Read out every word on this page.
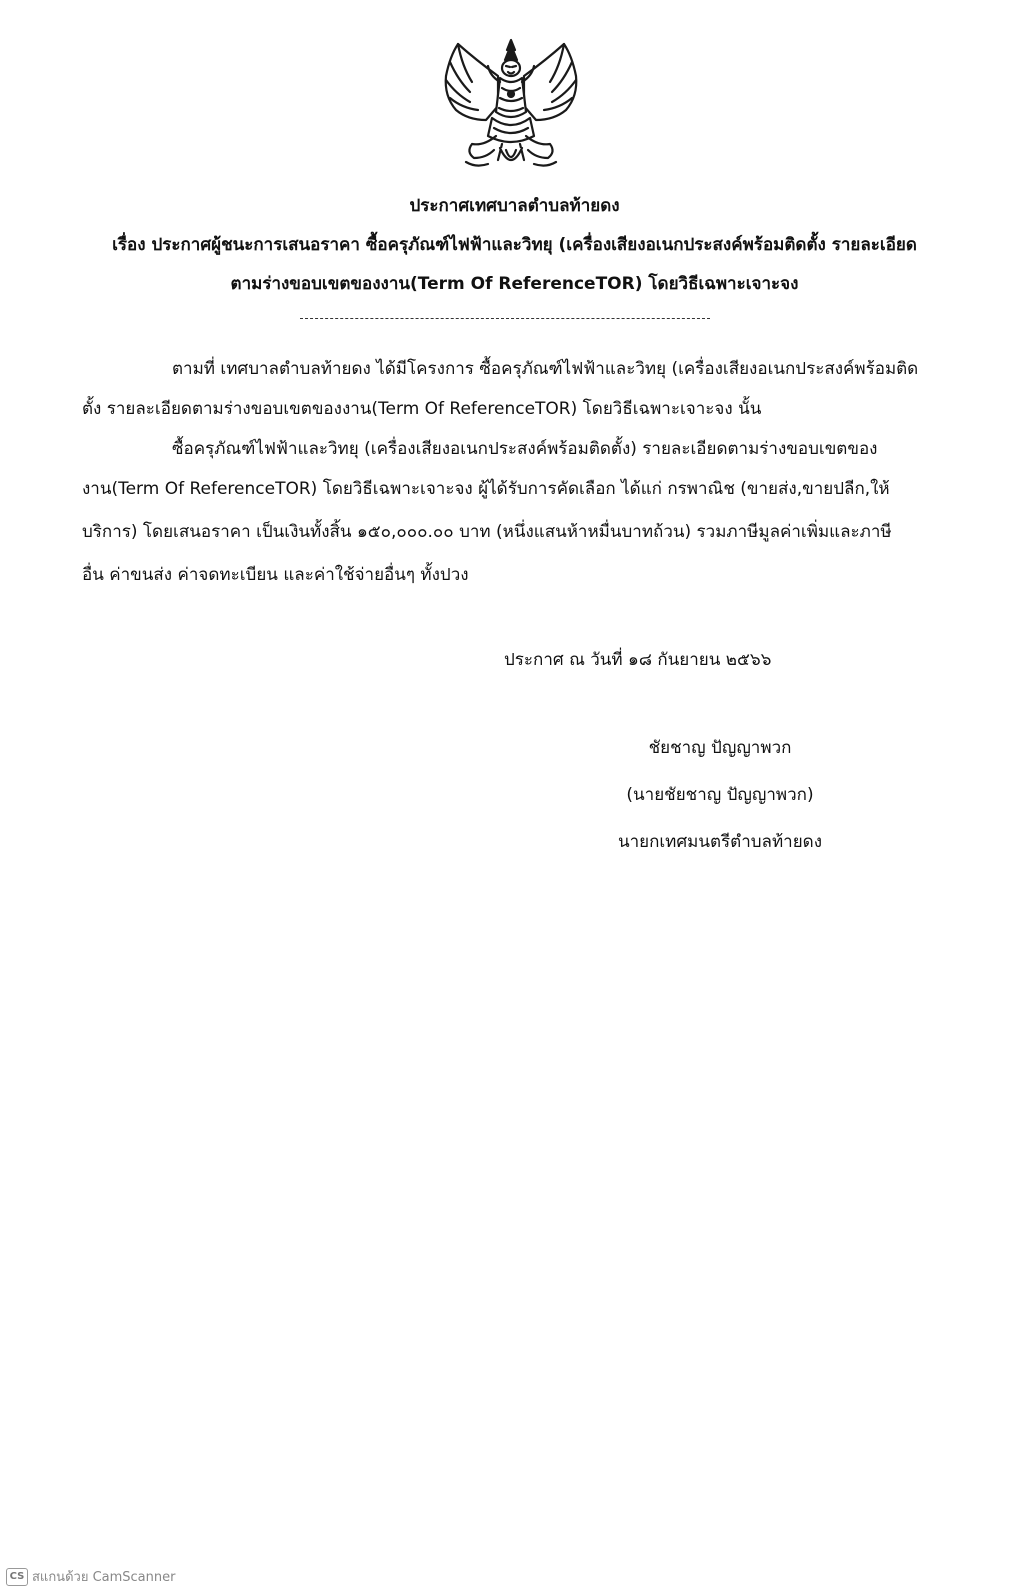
ประกาศเทศบาลตำบลท้ายดง
เรื่อง ประกาศผู้ชนะการเสนอราคา ซื้อครุภัณฑ์ไฟฟ้าและวิทยุ (เครื่องเสียงอเนกประสงค์พร้อมติดตั้ง รายละเอียด
ตามร่างขอบเขตของงาน(Term Of ReferenceTOR) โดยวิธีเฉพาะเจาะจง
ตามที่ เทศบาลตำบลท้ายดง ได้มีโครงการ ซื้อครุภัณฑ์ไฟฟ้าและวิทยุ (เครื่องเสียงอเนกประสงค์พร้อมติด
ตั้ง รายละเอียดตามร่างขอบเขตของงาน(Term Of ReferenceTOR) โดยวิธีเฉพาะเจาะจง นั้น
ซื้อครุภัณฑ์ไฟฟ้าและวิทยุ (เครื่องเสียงอเนกประสงค์พร้อมติดตั้ง) รายละเอียดตามร่างขอบเขตของ
งาน(Term Of ReferenceTOR) โดยวิธีเฉพาะเจาะจง ผู้ได้รับการคัดเลือก ได้แก่ กรพาณิช (ขายส่ง,ขายปลีก,ให้
บริการ) โดยเสนอราคา เป็นเงินทั้งสิ้น ๑๕๐,๐๐๐.๐๐ บาท (หนึ่งแสนห้าหมื่นบาทถ้วน) รวมภาษีมูลค่าเพิ่มและภาษี
อื่น ค่าขนส่ง ค่าจดทะเบียน และค่าใช้จ่ายอื่นๆ ทั้งปวง
ประกาศ ณ วันที่ ๑๘ กันยายน ๒๕๖๖
ชัยชาญ ปัญญาพวก
(นายชัยชาญ ปัญญาพวก)
นายกเทศมนตรีตำบลท้ายดง
CS สแกนด้วย CamScanner
